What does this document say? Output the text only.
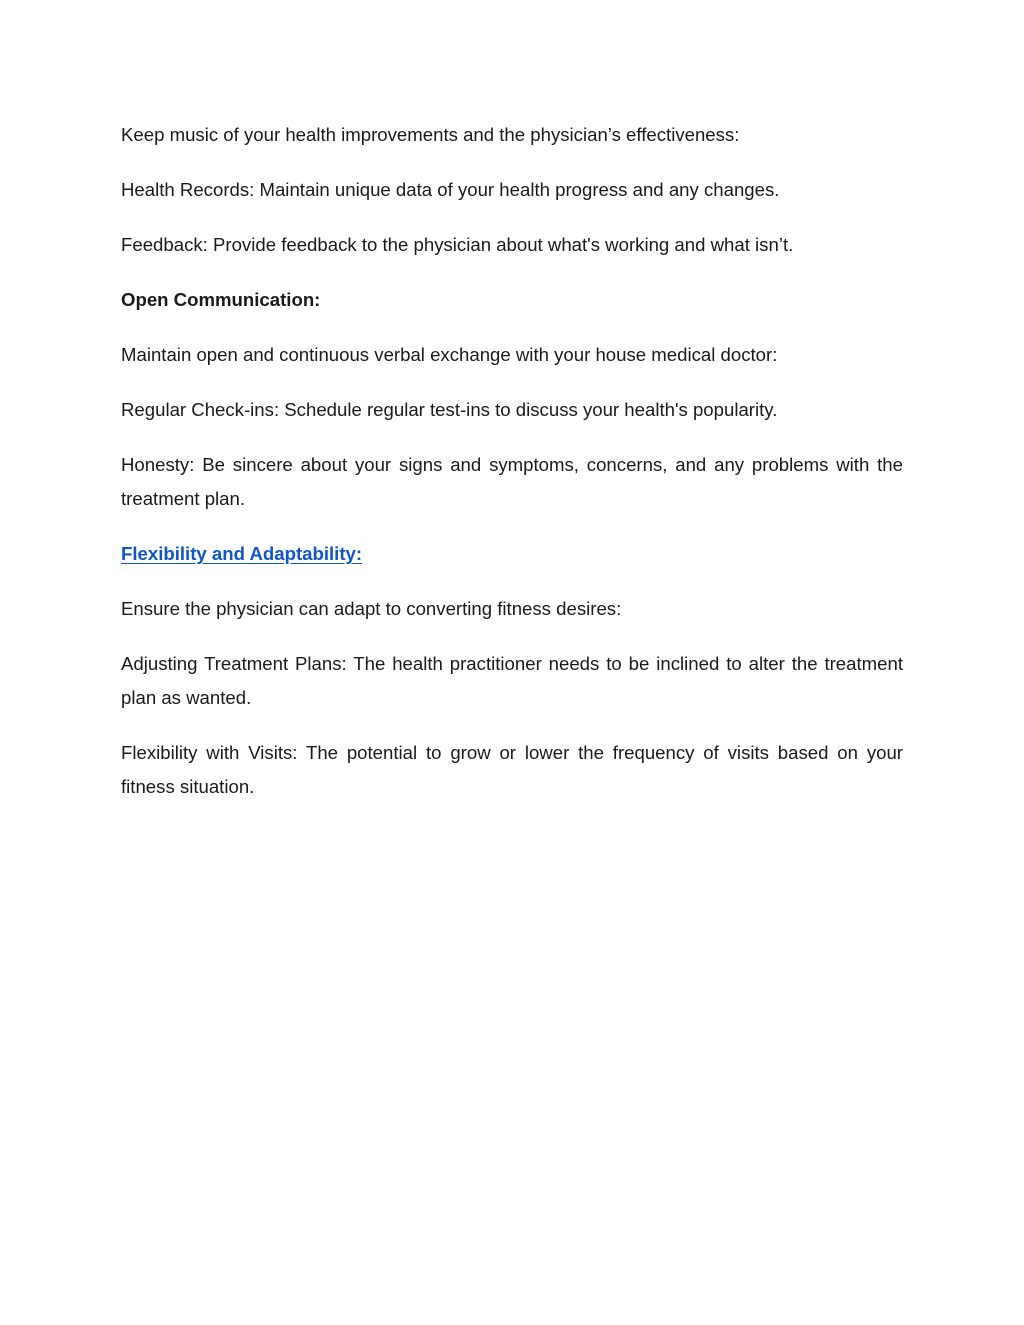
Keep music of your health improvements and the physician’s effectiveness:

Health Records: Maintain unique data of your health progress and any changes.

Feedback: Provide feedback to the physician about what's working and what isn’t.

Open Communication:

Maintain open and continuous verbal exchange with your house medical doctor:

Regular Check-ins: Schedule regular test-ins to discuss your health's popularity.

Honesty: Be sincere about your signs and symptoms, concerns, and any problems with the treatment plan.

Flexibility and Adaptability:

Ensure the physician can adapt to converting fitness desires:

Adjusting Treatment Plans: The health practitioner needs to be inclined to alter the treatment plan as wanted.

Flexibility with Visits: The potential to grow or lower the frequency of visits based on your fitness situation.
